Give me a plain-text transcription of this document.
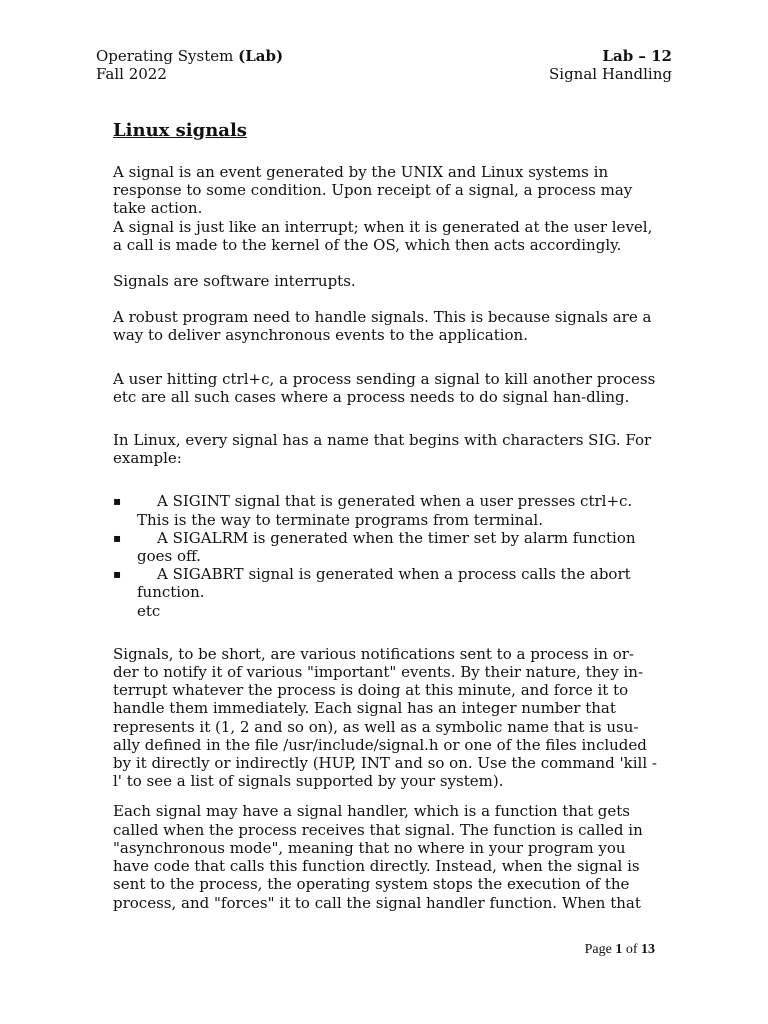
Operating System (Lab)	Lab – 12
Fall 2022	Signal Handling
Linux signals

A signal is an event generated by the UNIX and Linux systems in response to some condition. Upon receipt of a signal, a process may take action.

A signal is just like an interrupt; when it is generated at the user level, a call is made to the kernel of the OS, which then acts accordingly.

Signals are software interrupts.

A robust program need to handle signals. This is because signals are a way to deliver asynchronous events to the application.

A user hitting ctrl+c, a process sending a signal to kill another process etc are all such cases where a process needs to do signal han-dling.

In Linux, every signal has a name that begins with characters SIG. For example:

▪ A SIGINT signal that is generated when a user presses ctrl+c. This is the way to terminate programs from terminal.
▪ A SIGALRM is generated when the timer set by alarm function goes off.
▪ A SIGABRT signal is generated when a process calls the abort function.
etc

Signals, to be short, are various notifications sent to a process in or-der to notify it of various "important" events. By their nature, they in-terrupt whatever the process is doing at this minute, and force it to handle them immediately. Each signal has an integer number that represents it (1, 2 and so on), as well as a symbolic name that is usu-ally defined in the file /usr/include/signal.h or one of the files included by it directly or indirectly (HUP, INT and so on. Use the command 'kill -l' to see a list of signals supported by your system).

Each signal may have a signal handler, which is a function that gets called when the process receives that signal. The function is called in "asynchronous mode", meaning that no where in your program you have code that calls this function directly. Instead, when the signal is sent to the process, the operating system stops the execution of the process, and "forces" it to call the signal handler function. When that

Page 1 of 13
